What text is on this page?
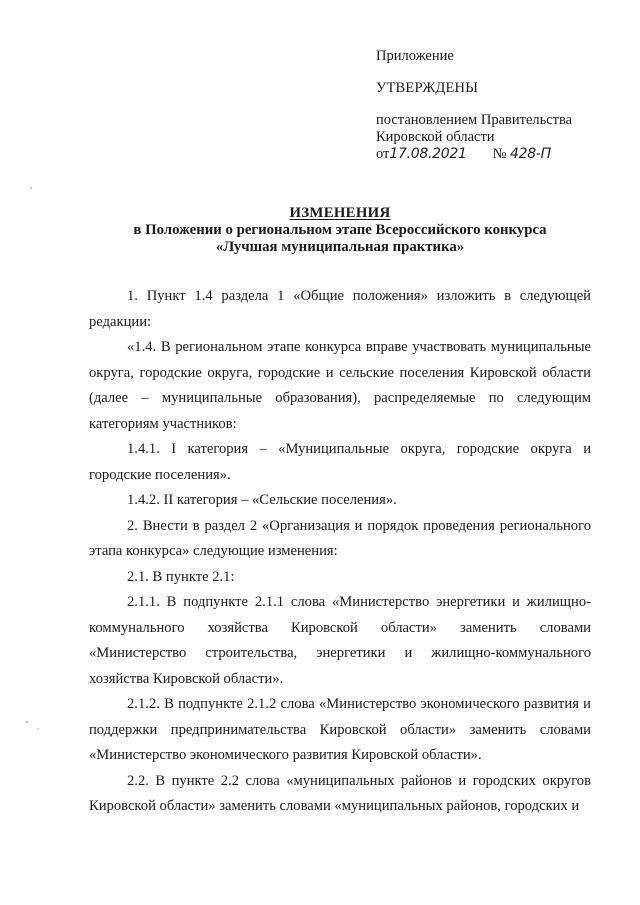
Приложение
УТВЕРЖДЕНЫ
постановлением Правительства
Кировской области
от17.08.2021 № 428-П
ИЗМЕНЕНИЯ
в Положении о региональном этапе Всероссийского конкурса
«Лучшая муниципальная практика»

1. Пункт 1.4 раздела 1 «Общие положения» изложить в следующей редакции:

«1.4. В региональном этапе конкурса вправе участвовать муниципальные округа, городские округа, городские и сельские поселения Кировской области (далее – муниципальные образования), распределяемые по следующим категориям участников:

1.4.1. I категория – «Муниципальные округа, городские округа и городские поселения».

1.4.2. II категория – «Сельские поселения».

2. Внести в раздел 2 «Организация и порядок проведения регионального этапа конкурса» следующие изменения:

2.1. В пункте 2.1:

2.1.1. В подпункте 2.1.1 слова «Министерство энергетики и жилищно-коммунального хозяйства Кировской области» заменить словами «Министерство строительства, энергетики и жилищно-коммунального хозяйства Кировской области».

2.1.2. В подпункте 2.1.2 слова «Министерство экономического развития и поддержки предпринимательства Кировской области» заменить словами «Министерство экономического развития Кировской области».

2.2. В пункте 2.2 слова «муниципальных районов и городских округов Кировской области» заменить словами «муниципальных районов, городских и
